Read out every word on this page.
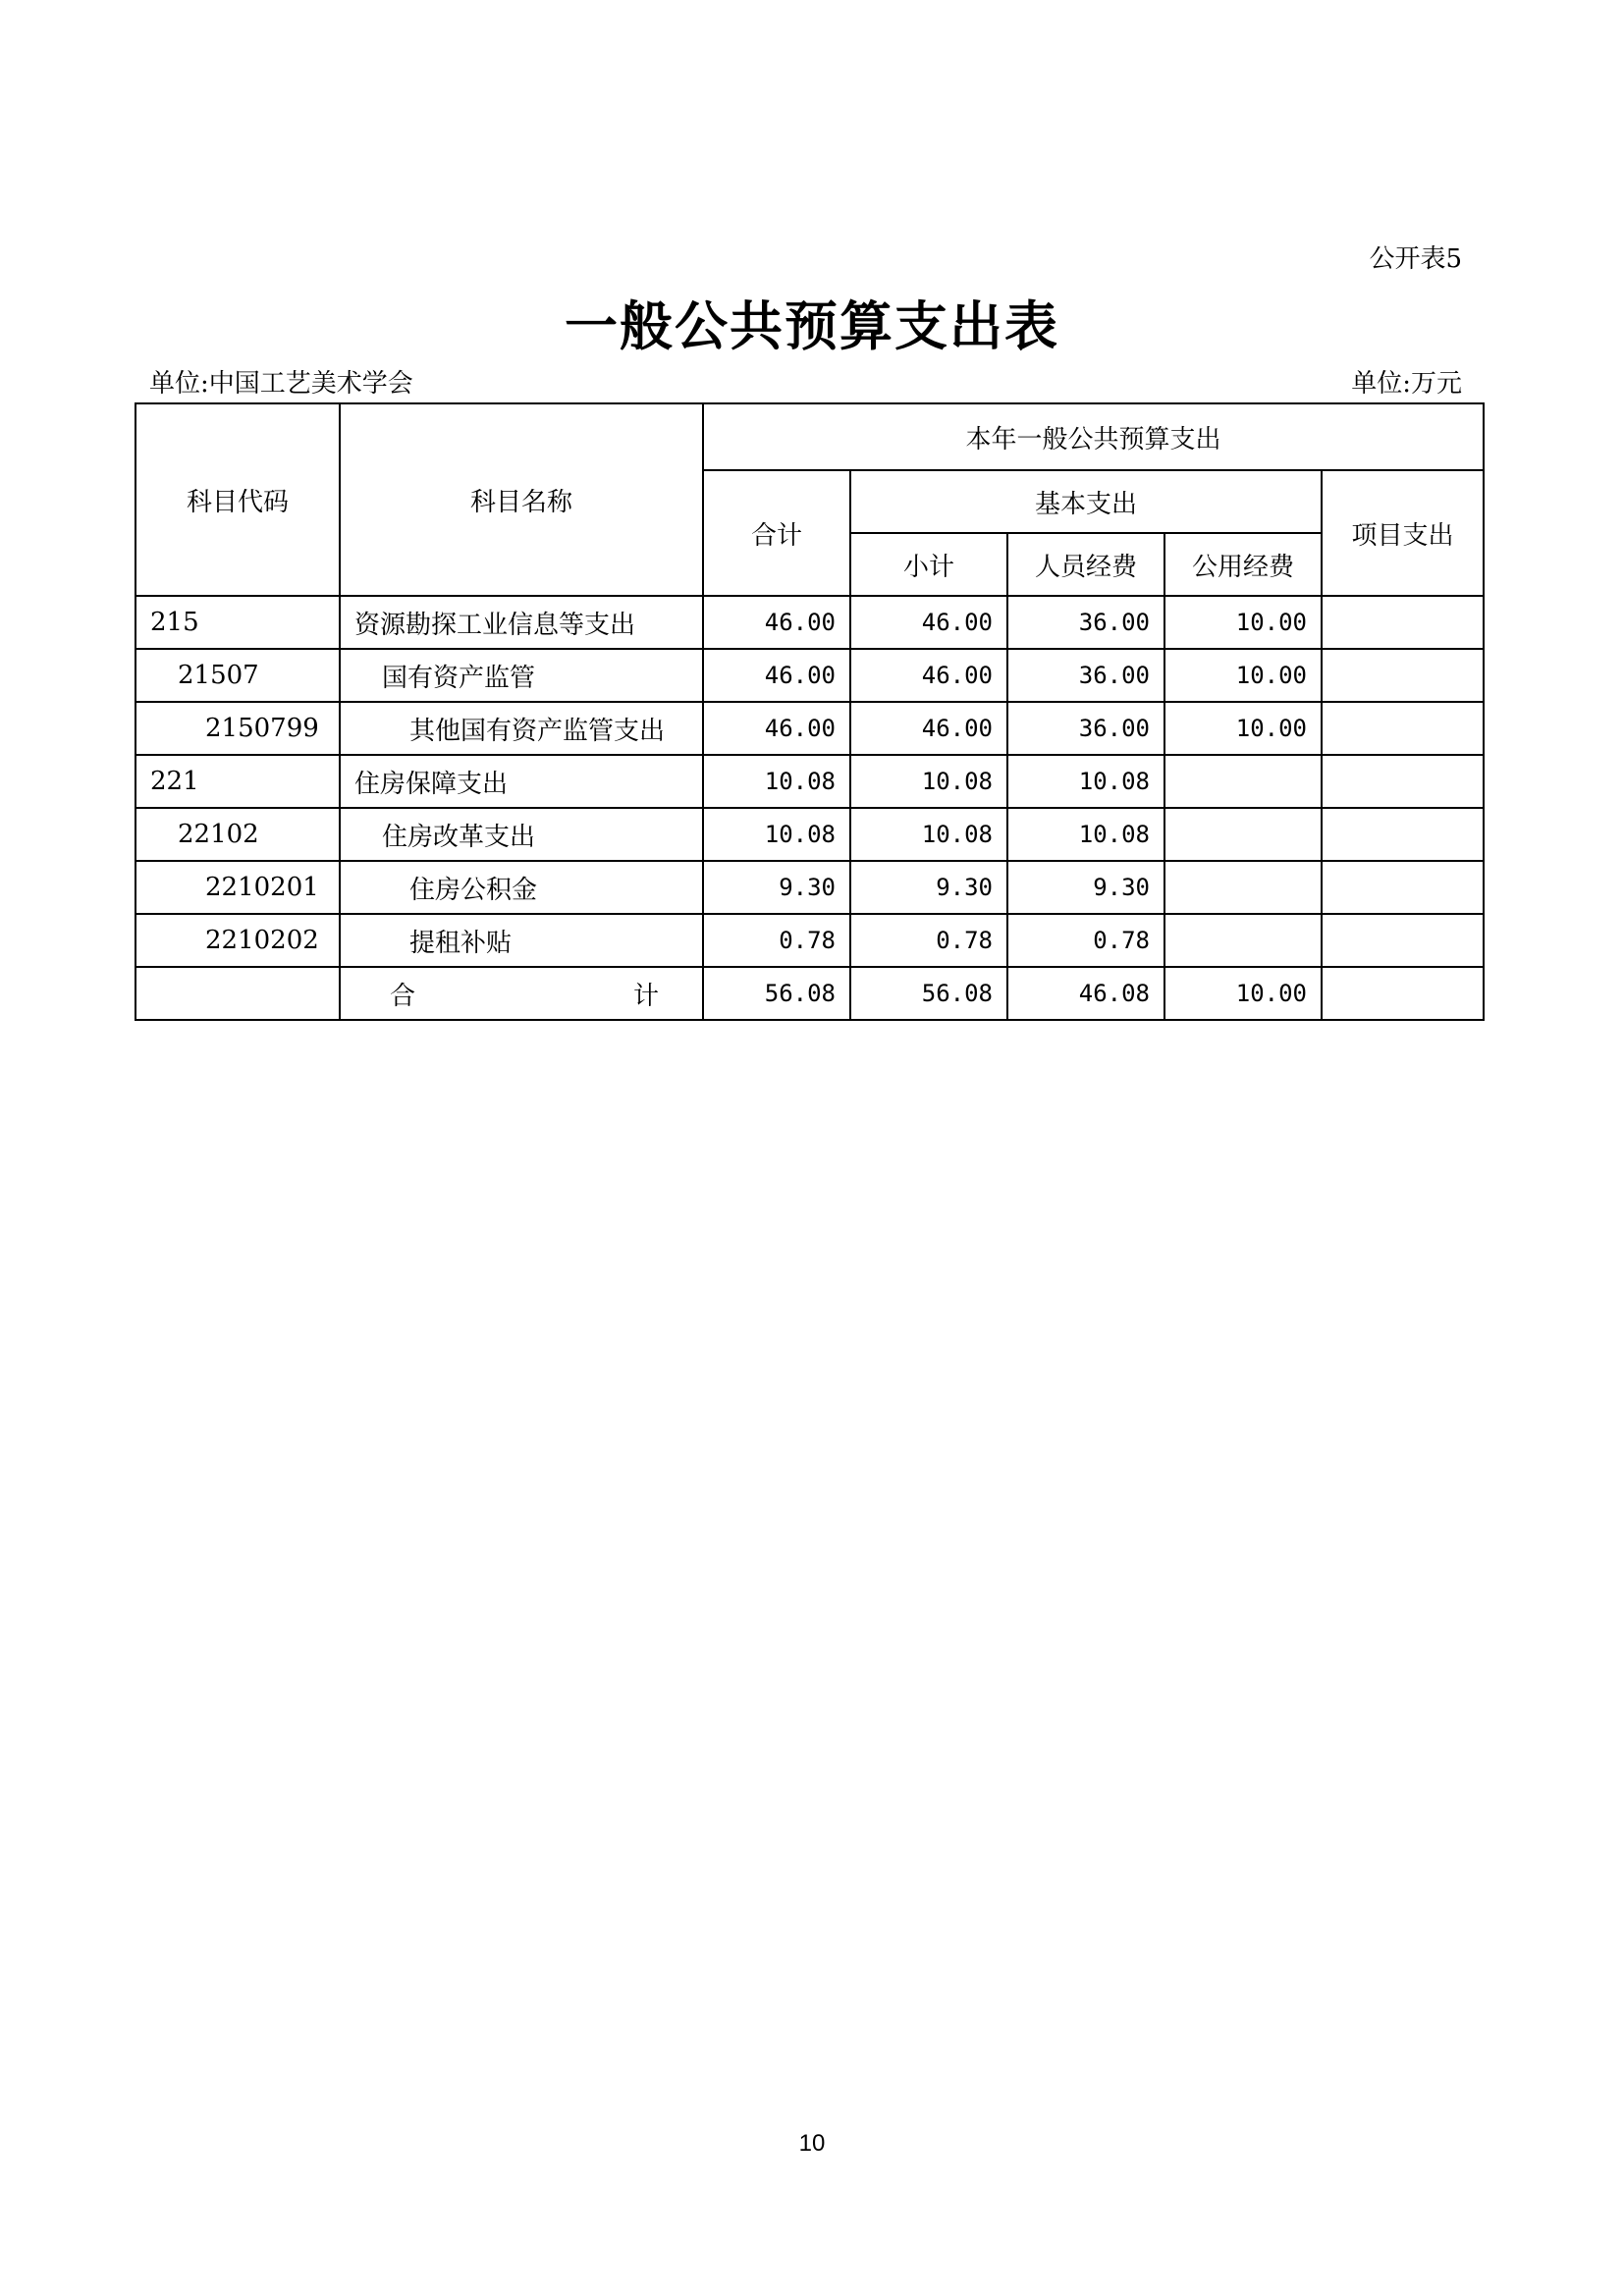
公开表5
一般公共预算支出表
单位:中国工艺美术学会	单位:万元
科目代码	科目名称	本年一般公共预算支出				
		合计	基本支出			项目支出
			小计	人员经费	公用经费	
215	资源勘探工业信息等支出	46.00	46.00	36.00	10.00	
21507	国有资产监管	46.00	46.00	36.00	10.00	
2150799	其他国有资产监管支出	46.00	46.00	36.00	10.00	
221	住房保障支出	10.08	10.08	10.08		
22102	住房改革支出	10.08	10.08	10.08		
2210201	住房公积金	9.30	9.30	9.30		
2210202	提租补贴	0.78	0.78	0.78		

	合 计	56.08	56.08	46.08	10.00	
10
